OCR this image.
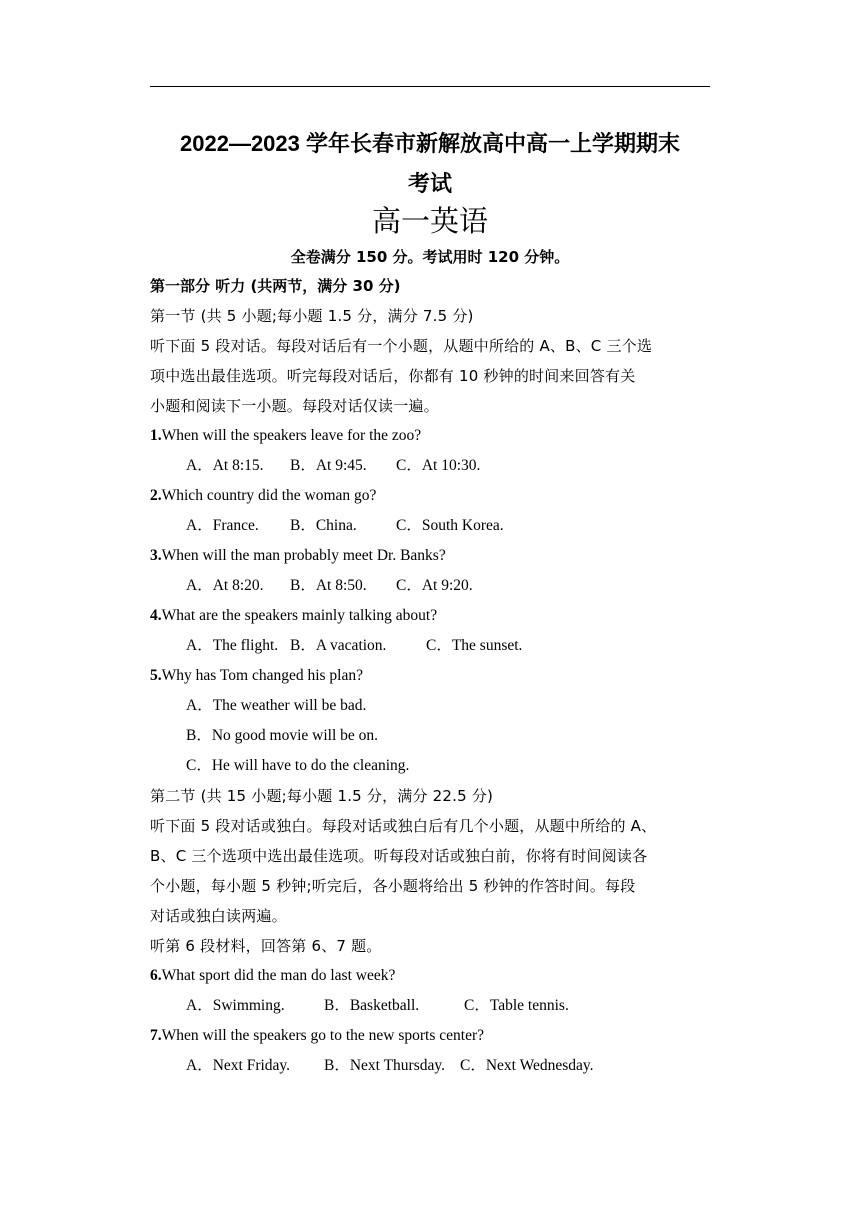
2022—2023 学年长春市新解放高中高一上学期期末
考试
高一英语
全卷满分 150 分。考试用时 120 分钟。
第一部分 听力 (共两节，满分 30 分)
第一节 (共 5 小题;每小题 1.5 分，满分 7.5 分)
听下面 5 段对话。每段对话后有一个小题，从题中所给的 A、B、C 三个选
项中选出最佳选项。听完每段对话后，你都有 10 秒钟的时间来回答有关
小题和阅读下一小题。每段对话仅读一遍。
1.When will the speakers leave for the zoo?
A．At 8:15. B．At 9:45. C．At 10:30.
2.Which country did the woman go?
A．France. B．China.	C．South Korea.
3.When will the man probably meet Dr. Banks?
A．At 8:20. B．At 8:50. C．At 9:20.
4.What are the speakers mainly talking about?
A．The flight. B．A vacation.	C．The sunset.
5.Why has Tom changed his plan?
A．The weather will be bad.
B．No good movie will be on.
C．He will have to do the cleaning.
第二节 (共 15 小题;每小题 1.5 分，满分 22.5 分)
听下面 5 段对话或独白。每段对话或独白后有几个小题，从题中所给的 A、
B、C 三个选项中选出最佳选项。听每段对话或独白前，你将有时间阅读各
个小题，每小题 5 秒钟;听完后，各小题将给出 5 秒钟的作答时间。每段
对话或独白读两遍。
听第 6 段材料，回答第 6、7 题。
6.What sport did the man do last week?
A．Swimming.	B．Basketball.	C．Table tennis.
7.When will the speakers go to the new sports center?
A．Next Friday. B．Next Thursday. C．Next Wednesday.
